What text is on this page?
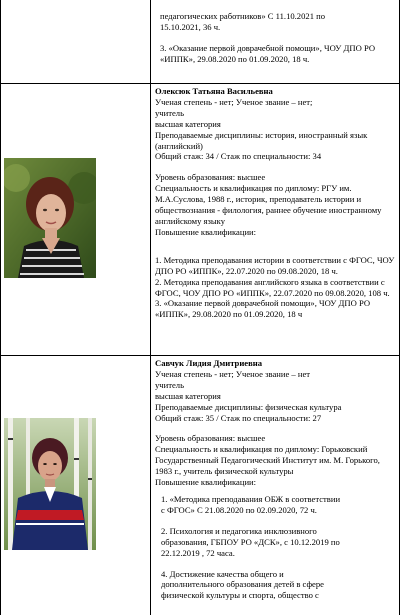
педагогических работников» С 11.10.2021 по

15.10.2021, 36 ч.

3. «Оказание первой доврачебной помощи», ЧОУ ДПО РО «ИППК», 29.08.2020 по 01.09.2020, 18 ч.

Олексюк Татьяна Васильевна

Ученая степень - нет; Ученое звание – нет;

учитель

высшая категория

Преподаваемые дисциплины: история, иностранный язык (английский)

Общий стаж: 34 / Стаж по специальности: 34

Уровень образования: высшее

Специальность и квалификация по диплому: РГУ им. М.А.Суслова, 1988 г., историк, преподаватель истории и обществознания - филология, раннее обучение иностранному английскому языку

Повышение квалификации:

1. Методика преподавания истории в соответствии с ФГОС, ЧОУ ДПО РО «ИППК», 22.07.2020 по 09.08.2020, 18 ч.

2. Методика преподавания английского языка в соответствии с ФГОС, ЧОУ ДПО РО «ИППК», 22.07.2020 по 09.08.2020, 108 ч.

3. «Оказание первой доврачебной помощи», ЧОУ ДПО РО «ИППК», 29.08.2020 по 01.09.2020, 18 ч

Савчук Лидия Дмитриевна

Ученая степень - нет; Ученое звание – нет

учитель

высшая категория

Преподаваемые дисциплины: физическая культура

Общий стаж: 35 / Стаж по специальности: 27

Уровень образования: высшее

Специальность и квалификация по диплому: Горьковский Государственный Педагогический Институт им. М. Горького, 1983 г., учитель физической культуры

Повышение квалификации:

1. «Методика преподавания ОБЖ в соответствии с ФГОС» С 21.08.2020 по 02.09.2020, 72 ч.

2. Психология и педагогика инклюзивного образования, ГБПОУ РО «ДСК», с 10.12.2019 по 22.12.2019 , 72 часа.

4. Достижение качества общего и дополнительного образования детей в сфере физической культуры и спорта, общество с
